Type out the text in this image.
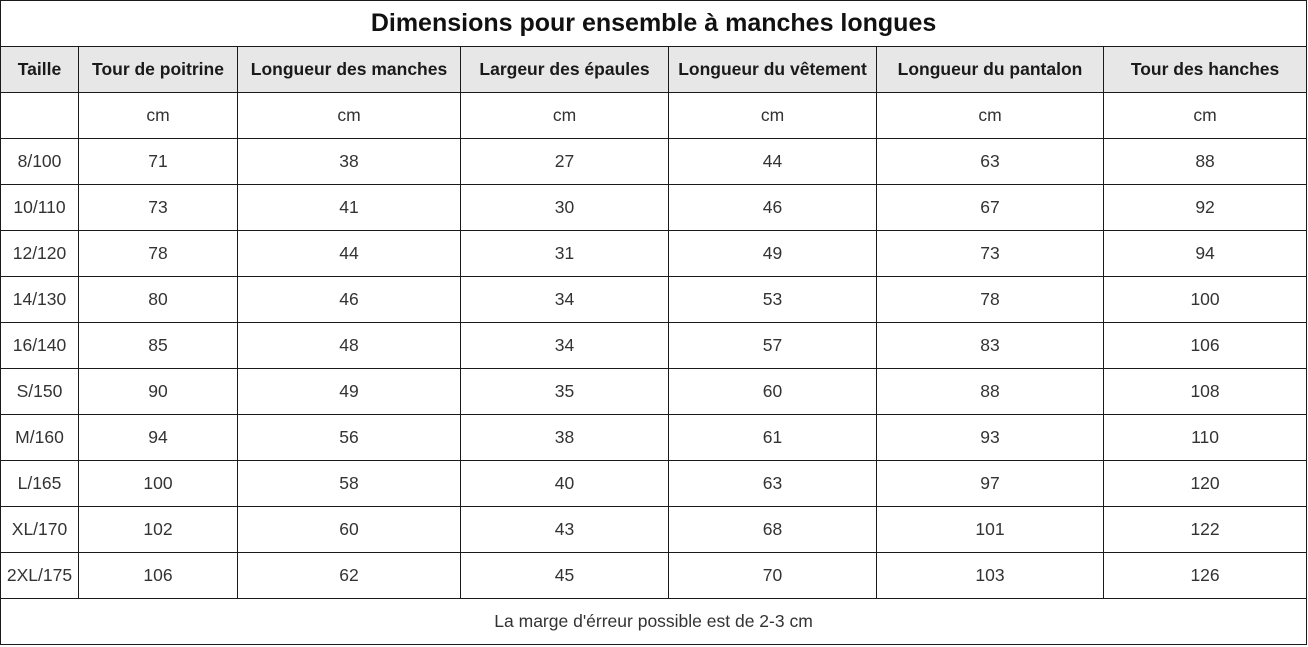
Dimensions pour ensemble à manches longues						
Taille	Tour de poitrine	Longueur des manches	Largeur des épaules	Longueur du vêtement	Longueur du pantalon	Tour des hanches
	cm	cm	cm	cm	cm	cm
8/100	71	38	27	44	63	88
10/110	73	41	30	46	67	92
12/120	78	44	31	49	73	94
14/130	80	46	34	53	78	100
16/140	85	48	34	57	83	106
S/150	90	49	35	60	88	108
M/160	94	56	38	61	93	110
L/165	100	58	40	63	97	120
XL/170	102	60	43	68	101	122
2XL/175	106	62	45	70	103	126
La marge d'érreur possible est de 2-3 cm						
